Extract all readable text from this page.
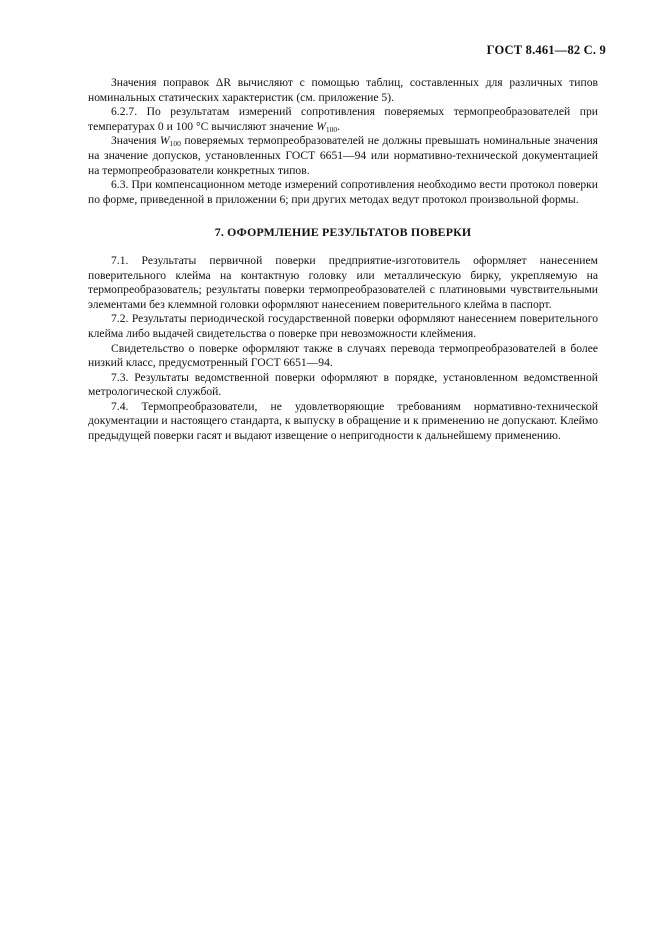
ГОСТ 8.461—82 С. 9

Значения поправок ΔR вычисляют с помощью таблиц, составленных для различных типов номинальных статических характеристик (см. приложение 5).

6.2.7. По результатам измерений сопротивления поверяемых термопреобразователей при температурах 0 и 100 °С вычисляют значение $W_{100}$.

Значения $W_{100}$ поверяемых термопреобразователей не должны превышать номинальные значения на значение допусков, установленных ГОСТ 6651—94 или нормативно-технической документацией на термопреобразователи конкретных типов.

6.3. При компенсационном методе измерений сопротивления необходимо вести протокол поверки по форме, приведенной в приложении 6; при других методах ведут протокол произвольной формы.

7. ОФОРМЛЕНИЕ РЕЗУЛЬТАТОВ ПОВЕРКИ

7.1. Результаты первичной поверки предприятие-изготовитель оформляет нанесением поверительного клейма на контактную головку или металлическую бирку, укрепляемую на термопреобразователь; результаты поверки термопреобразователей с платиновыми чувствительными элементами без клеммной головки оформляют нанесением поверительного клейма в паспорт.

7.2. Результаты периодической государственной поверки оформляют нанесением поверительного клейма либо выдачей свидетельства о поверке при невозможности клеймения.

Свидетельство о поверке оформляют также в случаях перевода термопреобразователей в более низкий класс, предусмотренный ГОСТ 6651—94.

7.3. Результаты ведомственной поверки оформляют в порядке, установленном ведомственной метрологической службой.

7.4. Термопреобразователи, не удовлетворяющие требованиям нормативно-технической документации и настоящего стандарта, к выпуску в обращение и к применению не допускают. Клеймо предыдущей поверки гасят и выдают извещение о непригодности к дальнейшему применению.
